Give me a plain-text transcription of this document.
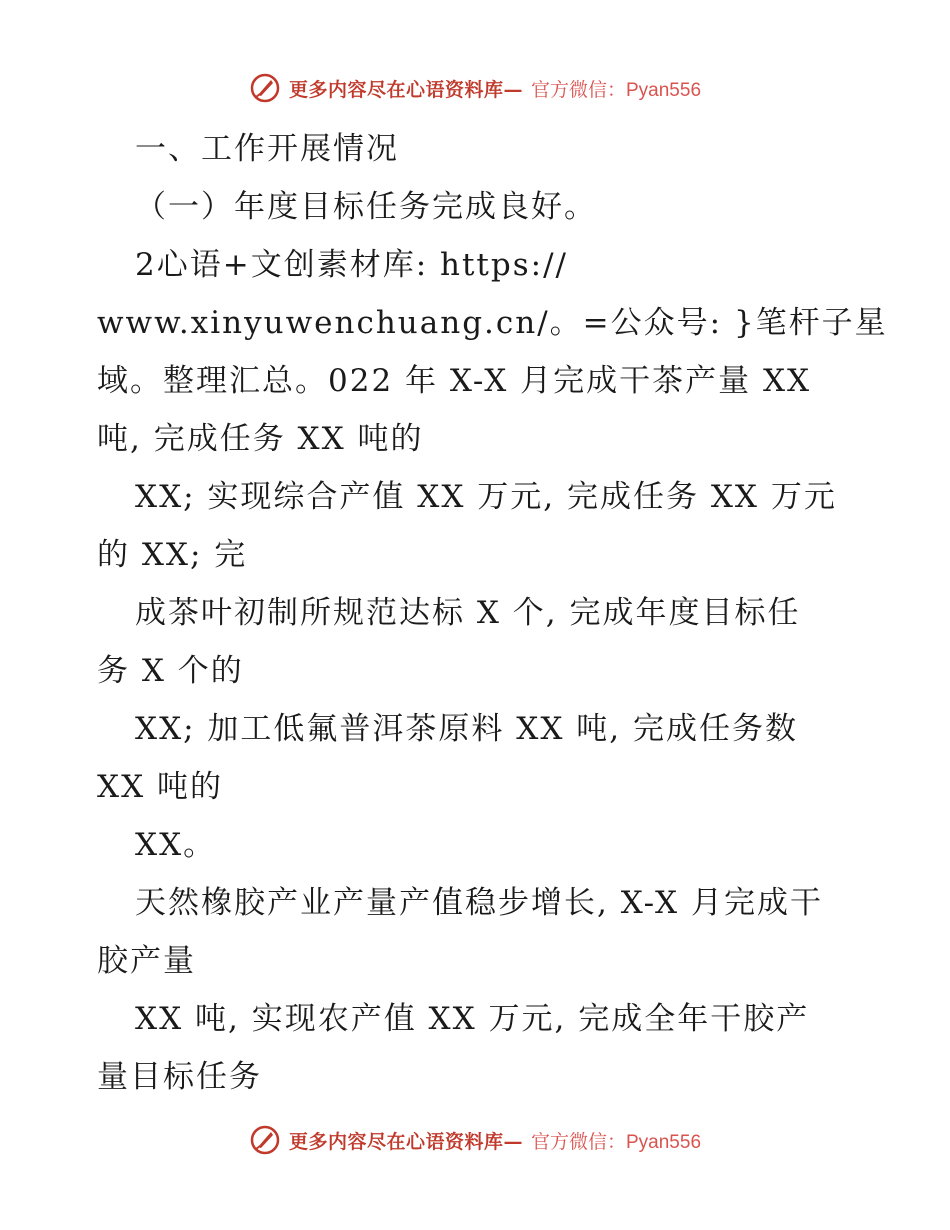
更多内容尽在心语资料库— 官方微信：Pyan556
一、工作开展情况
（一）年度目标任务完成良好。
2心语+文创素材库: https://
www.xinyuwenchuang.cn/。=公众号: }笔杆子星
域。整理汇总。022 年 X-X 月完成干茶产量 XX
吨, 完成任务 XX 吨的
XX; 实现综合产值 XX 万元, 完成任务 XX 万元
的 XX; 完
成茶叶初制所规范达标 X 个, 完成年度目标任
务 X 个的
XX; 加工低氟普洱茶原料 XX 吨, 完成任务数
XX 吨的
XX。
天然橡胶产业产量产值稳步增长, X-X 月完成干
胶产量
XX 吨, 实现农产值 XX 万元, 完成全年干胶产
量目标任务
更多内容尽在心语资料库— 官方微信：Pyan556
